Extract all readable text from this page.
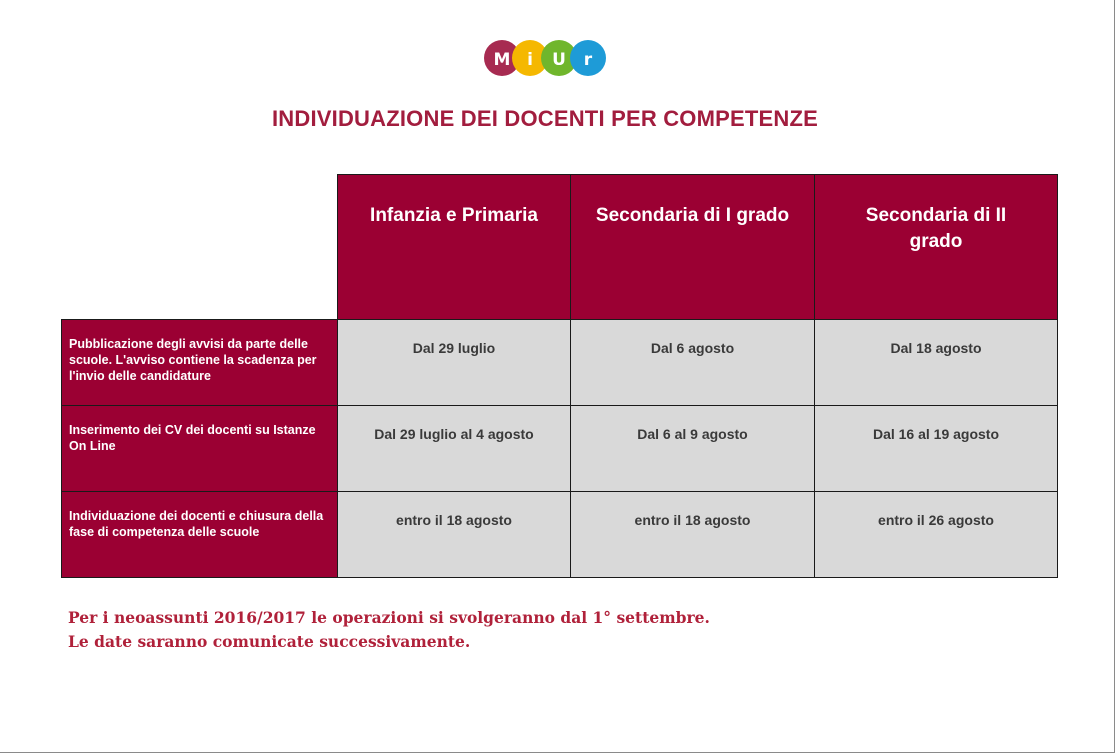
M i U r
INDIVIDUAZIONE DEI DOCENTI PER COMPETENZE
Infanzia e Primaria	Secondaria di I grado	Secondaria di II grado
Pubblicazione degli avvisi da parte delle scuole. L'avviso contiene la scadenza per l'invio delle candidature
Dal 29 luglio	Dal 6 agosto	Dal 18 agosto
Inserimento dei CV dei docenti su Istanze On Line
Dal 29 luglio al 4 agosto	Dal 6 al 9 agosto	Dal 16 al 19 agosto
Individuazione dei docenti e chiusura della fase di competenza delle scuole
entro il 18 agosto	entro il 18 agosto	entro il 26 agosto
Per i neoassunti 2016/2017 le operazioni si svolgeranno dal 1° settembre.
Le date saranno comunicate successivamente.
